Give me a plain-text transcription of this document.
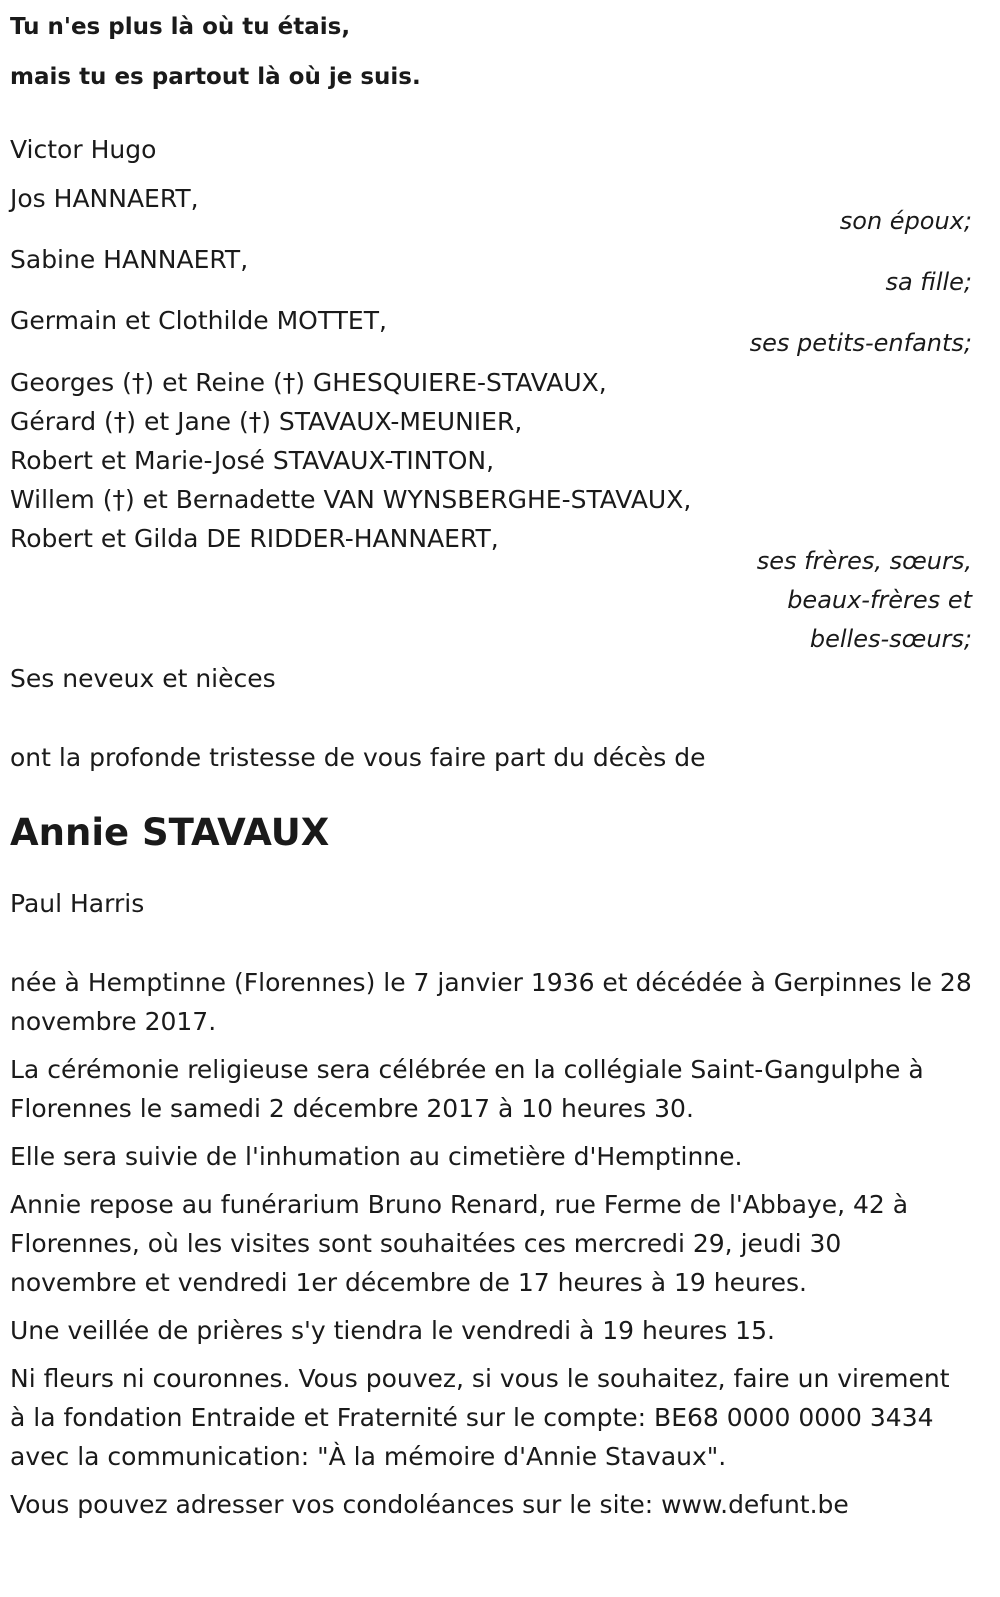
Tu n'es plus là où tu étais,
mais tu es partout là où je suis.
Victor Hugo
Jos HANNAERT,
son époux;
Sabine HANNAERT,
sa fille;
Germain et Clothilde MOTTET,
ses petits-enfants;
Georges (†) et Reine (†) GHESQUIERE-STAVAUX,
Gérard (†) et Jane (†) STAVAUX-MEUNIER,
Robert et Marie-José STAVAUX-TINTON,
Willem (†) et Bernadette VAN WYNSBERGHE-STAVAUX,
Robert et Gilda DE RIDDER-HANNAERT,
ses frères, sœurs,
beaux-frères et
belles-sœurs;
Ses neveux et nièces
ont la profonde tristesse de vous faire part du décès de
Annie STAVAUX
Paul Harris
née à Hemptinne (Florennes) le 7 janvier 1936 et décédée à Gerpinnes le 28 novembre 2017.
La cérémonie religieuse sera célébrée en la collégiale Saint-Gangulphe à Florennes le samedi 2 décembre 2017 à 10 heures 30.
Elle sera suivie de l'inhumation au cimetière d'Hemptinne.
Annie repose au funérarium Bruno Renard, rue Ferme de l'Abbaye, 42 à Florennes, où les visites sont souhaitées ces mercredi 29, jeudi 30 novembre et vendredi 1er décembre de 17 heures à 19 heures.
Une veillée de prières s'y tiendra le vendredi à 19 heures 15.
Ni fleurs ni couronnes. Vous pouvez, si vous le souhaitez, faire un virement à la fondation Entraide et Fraternité sur le compte: BE68 0000 0000 3434 avec la communication: "À la mémoire d'Annie Stavaux".
Vous pouvez adresser vos condoléances sur le site: www.defunt.be
